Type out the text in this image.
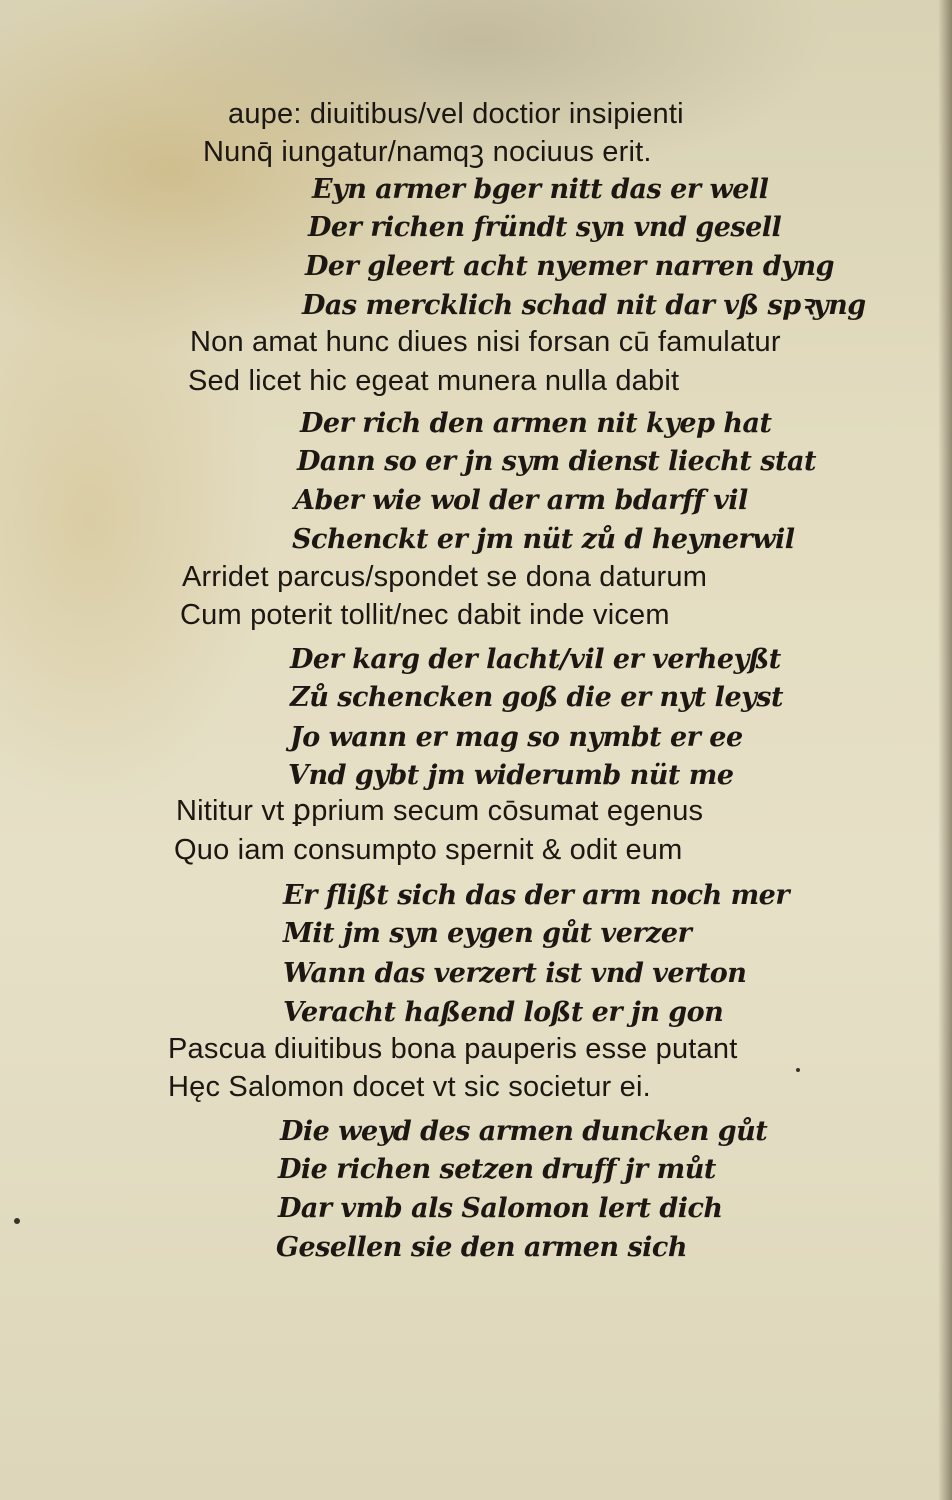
aupe: diuitibus/vel doctior insipienti
Nunq̄ iungatur/namqꝫ nociuus erit.
Eyn armer bger nitt das er well
Der richen fründt syn vnd gesell
Der gleert acht nyemer narren dyng
Das mercklich schad nit dar vß spꝛyng
Non amat hunc diues nisi forsan cū famulatur
Sed licet hic egeat munera nulla dabit
Der rich den armen nit kyep hat
Dann so er jn sym dienst liecht stat
Aber wie wol der arm bdarff vil
Schenckt er jm nüt zů d heynerwil
Arridet parcus/spondet se dona daturum
Cum poterit tollit/nec dabit inde vicem
Der karg der lacht/vil er verheyßt
Zů schencken goß die er nyt leyst
Jo wann er mag so nymbt er ee
Vnd gybt jm widerumb nüt me
Nititur vt ꝑprium secum cōsumat egenus
Quo iam consumpto spernit & odit eum
Er flißt sich das der arm noch mer
Mit jm syn eygen gůt verzer
Wann das verzert ist vnd verton
Veracht haßend loßt er jn gon
Pascua diuitibus bona pauperis esse putant
Hęc Salomon docet vt sic societur ei.
Die weyd des armen duncken gůt
Die richen setzen druff jr můt
Dar vmb als Salomon lert dich
Gesellen sie den armen sich
